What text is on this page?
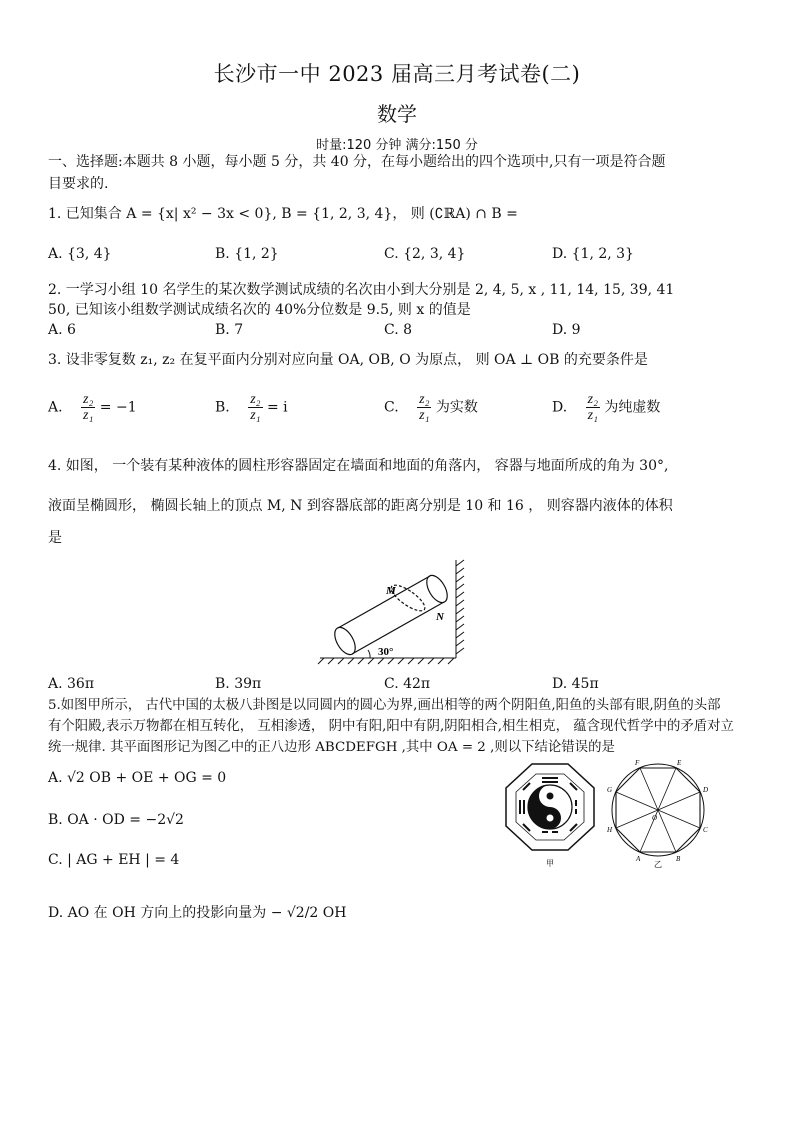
长沙市一中 2023 届高三月考试卷(二)
数学
时量:120 分钟 满分:150 分
一、选择题:本题共 8 小题，每小题 5 分，共 40 分，在每小题给出的四个选项中,只有一项是符合题
目要求的.
1. 已知集合 A = {x| x² − 3x < 0}, B = {1, 2, 3, 4}， 则 (∁ℝA) ∩ B =
A. {3, 4}	B. {1, 2}	C. {2, 3, 4}	D. {1, 2, 3}
2. 一学习小组 10 名学生的某次数学测试成绩的名次由小到大分别是 2, 4, 5, x , 11, 14, 15, 39, 41
50, 已知该小组数学测试成绩名次的 40%分位数是 9.5, 则 x 的值是
A. 6	B. 7	C. 8	D. 9
3. 设非零复数 z₁, z₂ 在复平面内分别对应向量 OA, OB, O 为原点， 则 OA ⊥ OB 的充要条件是
A. $\frac{\text{z₂}}{\text{z₁}} = -1$	B. $\frac{\text{z₂}}{\text{z₁}} = i$	C. $\frac{\text{z₂}}{\text{z₁}}$ 为实数	D. $\frac{\text{z₂}}{\text{z₁}}$ 为纯虚数
4. 如图， 一个装有某种液体的圆柱形容器固定在墙面和地面的角落内， 容器与地面所成的角为 30°,
液面呈椭圆形， 椭圆长轴上的顶点 M, N 到容器底部的距离分别是 10 和 16 ， 则容器内液体的体积
是
M
N
30°
A. 36π	B. 39π	C. 42π	D. 45π
5.如图甲所示， 古代中国的太极八卦图是以同圆内的圆心为界,画出相等的两个阴阳鱼,阳鱼的头部有眼,阴鱼的头部
有个阳殿,表示万物都在相互转化， 互相渗透， 阴中有阳,阳中有阴,阴阳相合,相生相克， 蕴含现代哲学中的矛盾对立
统一规律. 其平面图形记为图乙中的正八边形 ABCDEFGH ,其中 OA = 2 ,则以下结论错误的是
A. √2 OB + OE + OG = 0
B. OA · OD = −2√2
C. | AG + EH | = 4
D. AO 在 OH 方向上的投影向量为 − √2/2 OH
甲	A	B
C
D
E
F
G
H
O
乙
